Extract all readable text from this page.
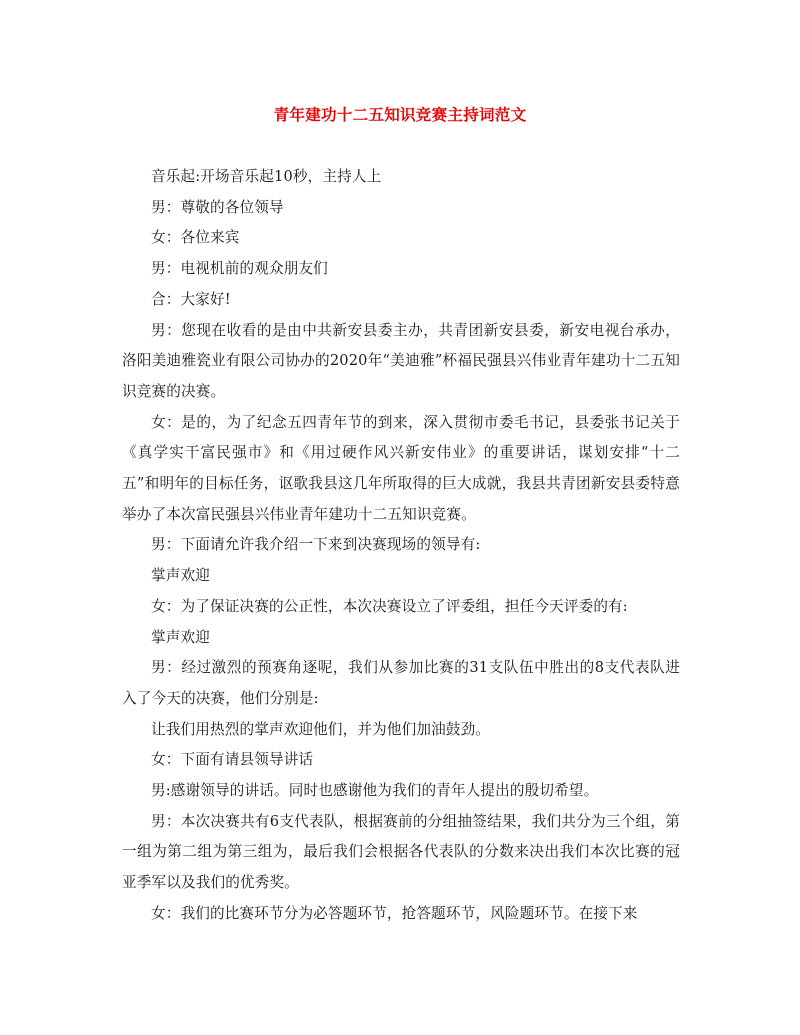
青年建功十二五知识竞赛主持词范文

音乐起:开场音乐起10秒，主持人上

男：尊敬的各位领导

女：各位来宾

男：电视机前的观众朋友们

合：大家好!

男：您现在收看的是由中共新安县委主办，共青团新安县委，新安电视台承办，洛阳美迪雅瓷业有限公司协办的2020年“美迪雅”杯福民强县兴伟业青年建功十二五知识竞赛的决赛。

女：是的，为了纪念五四青年节的到来，深入贯彻市委毛书记，县委张书记关于《真学实干富民强市》和《用过硬作风兴新安伟业》的重要讲话，谋划安排“十二五”和明年的目标任务，讴歌我县这几年所取得的巨大成就，我县共青团新安县委特意举办了本次富民强县兴伟业青年建功十二五知识竞赛。

男：下面请允许我介绍一下来到决赛现场的领导有:

掌声欢迎

女：为了保证决赛的公正性，本次决赛设立了评委组，担任今天评委的有:

掌声欢迎

男：经过激烈的预赛角逐呢，我们从参加比赛的31支队伍中胜出的8支代表队进入了今天的决赛，他们分别是:

让我们用热烈的掌声欢迎他们，并为他们加油鼓劲。

女：下面有请县领导讲话

男:感谢领导的讲话。同时也感谢他为我们的青年人提出的殷切希望。

男：本次决赛共有6支代表队，根据赛前的分组抽签结果，我们共分为三个组，第一组为第二组为第三组为，最后我们会根据各代表队的分数来决出我们本次比赛的冠亚季军以及我们的优秀奖。

女：我们的比赛环节分为必答题环节，抢答题环节，风险题环节。在接下来
